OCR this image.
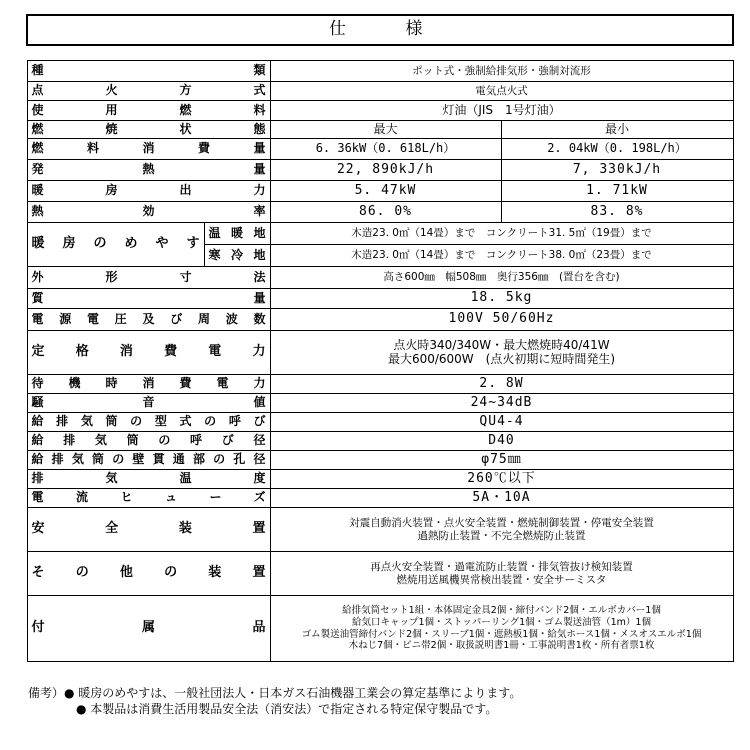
仕　　様			

種類		ポット式・強制給排気形・強制対流形	
点火方式		電気点火式	
使用燃料		灯油（JIS　1号灯油）	
燃焼状態		最大	最小
燃料消費量		6. 36kW（0. 618L/h）	2. 04kW（0. 198L/h）
発熱量		22, 890kJ/h	7, 330kJ/h
暖房出力		5. 47kW	1. 71kW
熱効率		86. 0%	83. 8%
暖房のめやす	温暖地	木造23. 0㎡（14畳）まで　コンクリート31. 5㎡（19畳）まで	
	寒冷地	木造23. 0㎡（14畳）まで　コンクリート38. 0㎡（23畳）まで	
外形寸法		高さ600㎜　幅508㎜　奥行356㎜　(置台を含む)	
質量		18. 5kg	
電源電圧及び周波数		100V 50/60Hz	
定格消費電力		点火時340/340W・最大燃焼時40/41W
最大600/600W　(点火初期に短時間発生)	

待機時消費電力		2. 8W	
騒音値		24~34dB	
給排気筒の型式の呼び		QU4-4	
給排気筒の呼び径		D40	
給排気筒の壁貫通部の孔径		φ75㎜	
排気温度		260℃以下	
電流ヒューズ		5A・10A	
安全装置		対震自動消火装置・点火安全装置・燃焼制御装置・停電安全装置
過熱防止装置・不完全燃焼防止装置	

その他の装置		再点火安全装置・過電流防止装置・排気管抜け検知装置
燃焼用送風機異常検出装置・安全サーミスタ	

付属品		給排気筒セット1組・本体固定金具2個・締付バンド2個・エルボカバー1個
給気口キャップ1個・ストッパーリング1個・ゴム製送油管（1m）1個
ゴム製送油管締付バンド2個・スリーブ1個・遮熱板1個・給気ホース1個・メスオスエルボ1個
木ねじ7個・ビニ帯2個・取扱説明書1冊・工事説明書1枚・所有者票1枚	
備考）● 暖房のめやすは、一般社団法人・日本ガス石油機器工業会の算定基準によります。
● 本製品は消費生活用製品安全法（消安法）で指定される特定保守製品です。
